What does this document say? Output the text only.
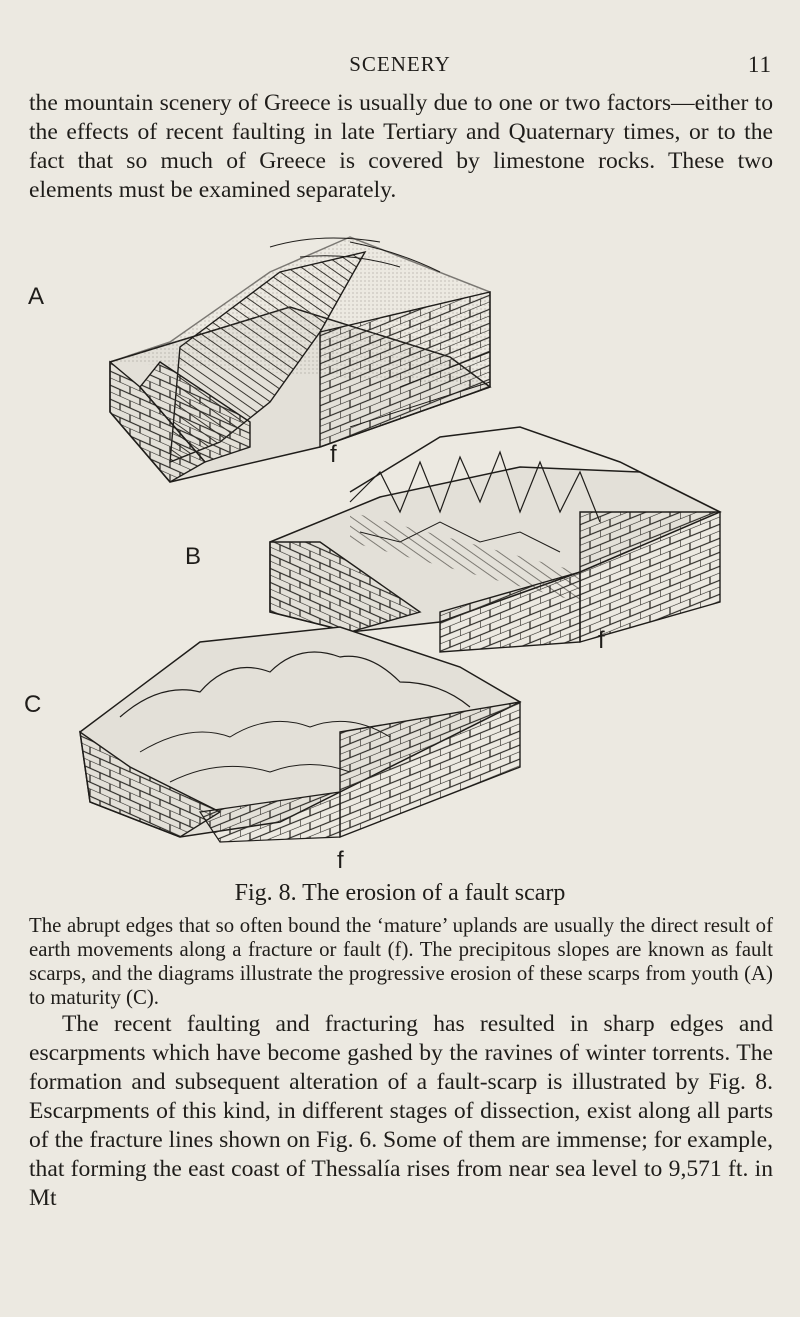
SCENERY	11

the mountain scenery of Greece is usually due to one or two factors—either to the effects of recent faulting in late Tertiary and Quaternary times, or to the fact that so much of Greece is covered by limestone rocks. These two elements must be examined separately.

A
f
B
f
C
f

Fig. 8. The erosion of a fault scarp

The abrupt edges that so often bound the ‘mature’ uplands are usually the direct result of earth movements along a fracture or fault (f). The precipitous slopes are known as fault scarps, and the diagrams illustrate the progressive erosion of these scarps from youth (A) to maturity (C).

The recent faulting and fracturing has resulted in sharp edges and escarpments which have become gashed by the ravines of winter torrents. The formation and subsequent alteration of a fault-scarp is illustrated by Fig. 8. Escarpments of this kind, in different stages of dissection, exist along all parts of the fracture lines shown on Fig. 6. Some of them are immense; for example, that forming the east coast of Thessalía rises from near sea level to 9,571 ft. in Mt
